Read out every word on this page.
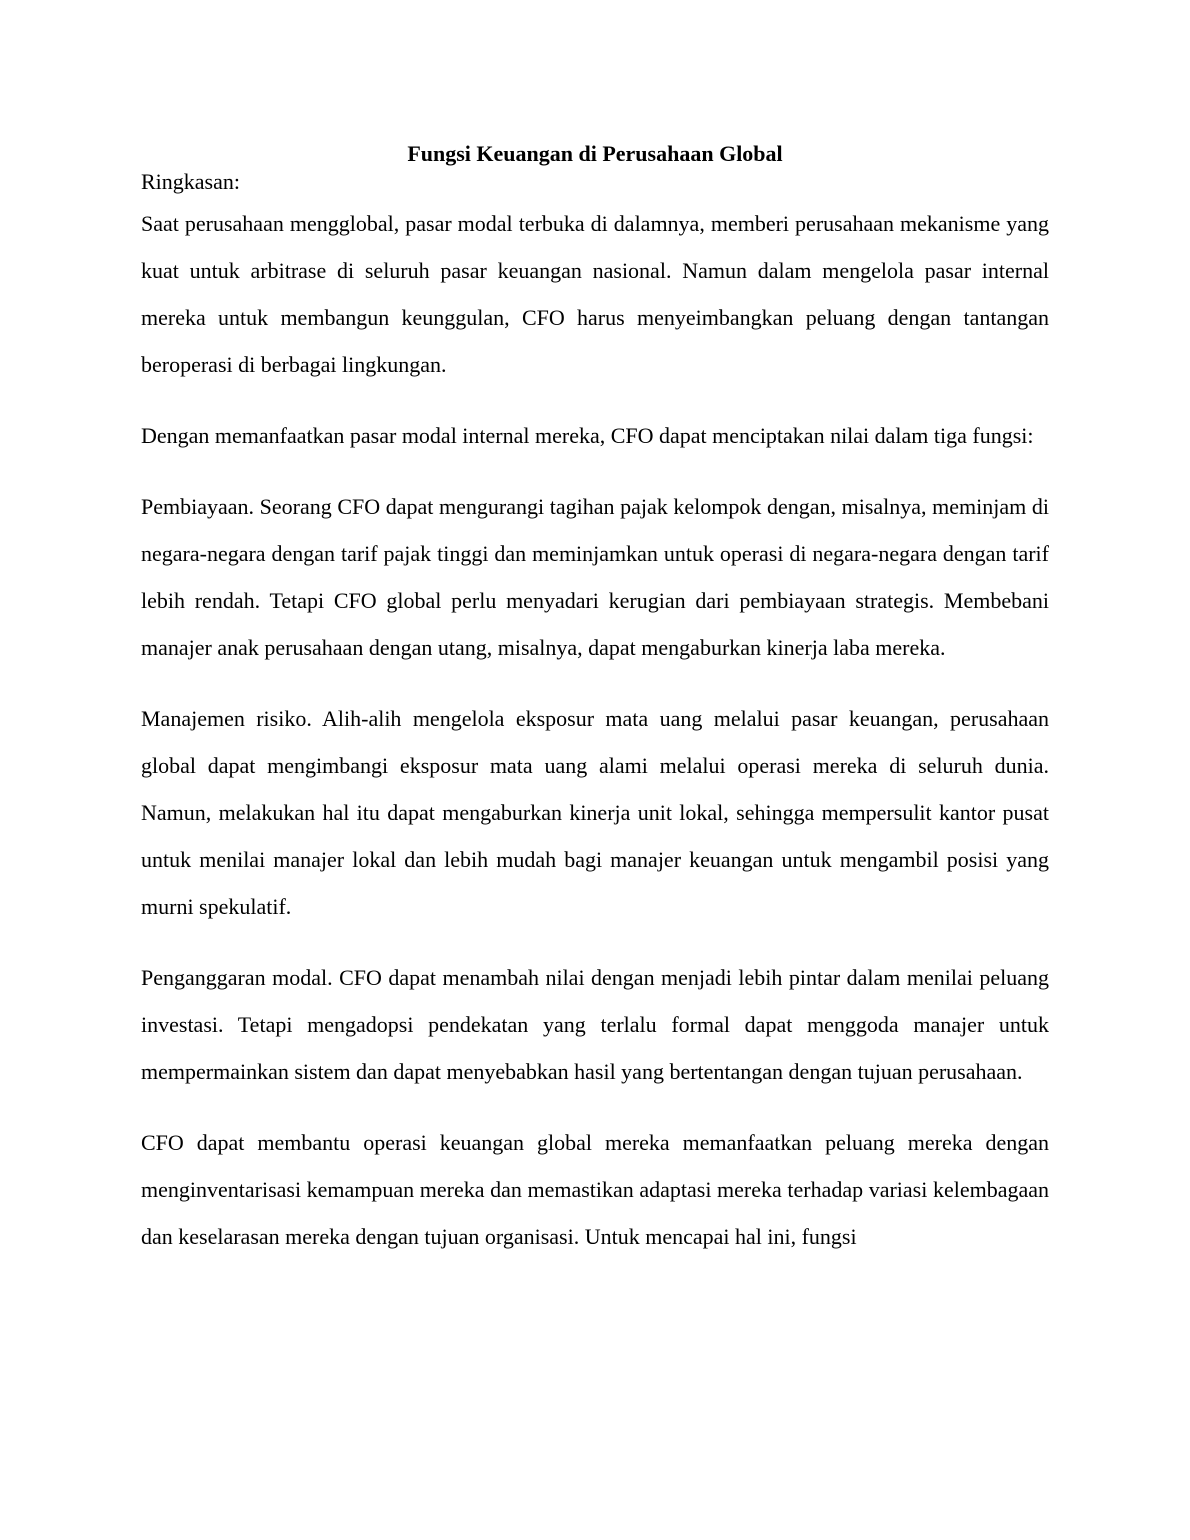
Fungsi Keuangan di Perusahaan Global

Ringkasan:

Saat perusahaan mengglobal, pasar modal terbuka di dalamnya, memberi perusahaan mekanisme yang kuat untuk arbitrase di seluruh pasar keuangan nasional. Namun dalam mengelola pasar internal mereka untuk membangun keunggulan, CFO harus menyeimbangkan peluang dengan tantangan beroperasi di berbagai lingkungan.

Dengan memanfaatkan pasar modal internal mereka, CFO dapat menciptakan nilai dalam tiga fungsi:

Pembiayaan. Seorang CFO dapat mengurangi tagihan pajak kelompok dengan, misalnya, meminjam di negara-negara dengan tarif pajak tinggi dan meminjamkan untuk operasi di negara-negara dengan tarif lebih rendah. Tetapi CFO global perlu menyadari kerugian dari pembiayaan strategis. Membebani manajer anak perusahaan dengan utang, misalnya, dapat mengaburkan kinerja laba mereka.

Manajemen risiko. Alih-alih mengelola eksposur mata uang melalui pasar keuangan, perusahaan global dapat mengimbangi eksposur mata uang alami melalui operasi mereka di seluruh dunia. Namun, melakukan hal itu dapat mengaburkan kinerja unit lokal, sehingga mempersulit kantor pusat untuk menilai manajer lokal dan lebih mudah bagi manajer keuangan untuk mengambil posisi yang murni spekulatif.

Penganggaran modal. CFO dapat menambah nilai dengan menjadi lebih pintar dalam menilai peluang investasi. Tetapi mengadopsi pendekatan yang terlalu formal dapat menggoda manajer untuk mempermainkan sistem dan dapat menyebabkan hasil yang bertentangan dengan tujuan perusahaan.

CFO dapat membantu operasi keuangan global mereka memanfaatkan peluang mereka dengan menginventarisasi kemampuan mereka dan memastikan adaptasi mereka terhadap variasi kelembagaan dan keselarasan mereka dengan tujuan organisasi. Untuk mencapai hal ini, fungsi
